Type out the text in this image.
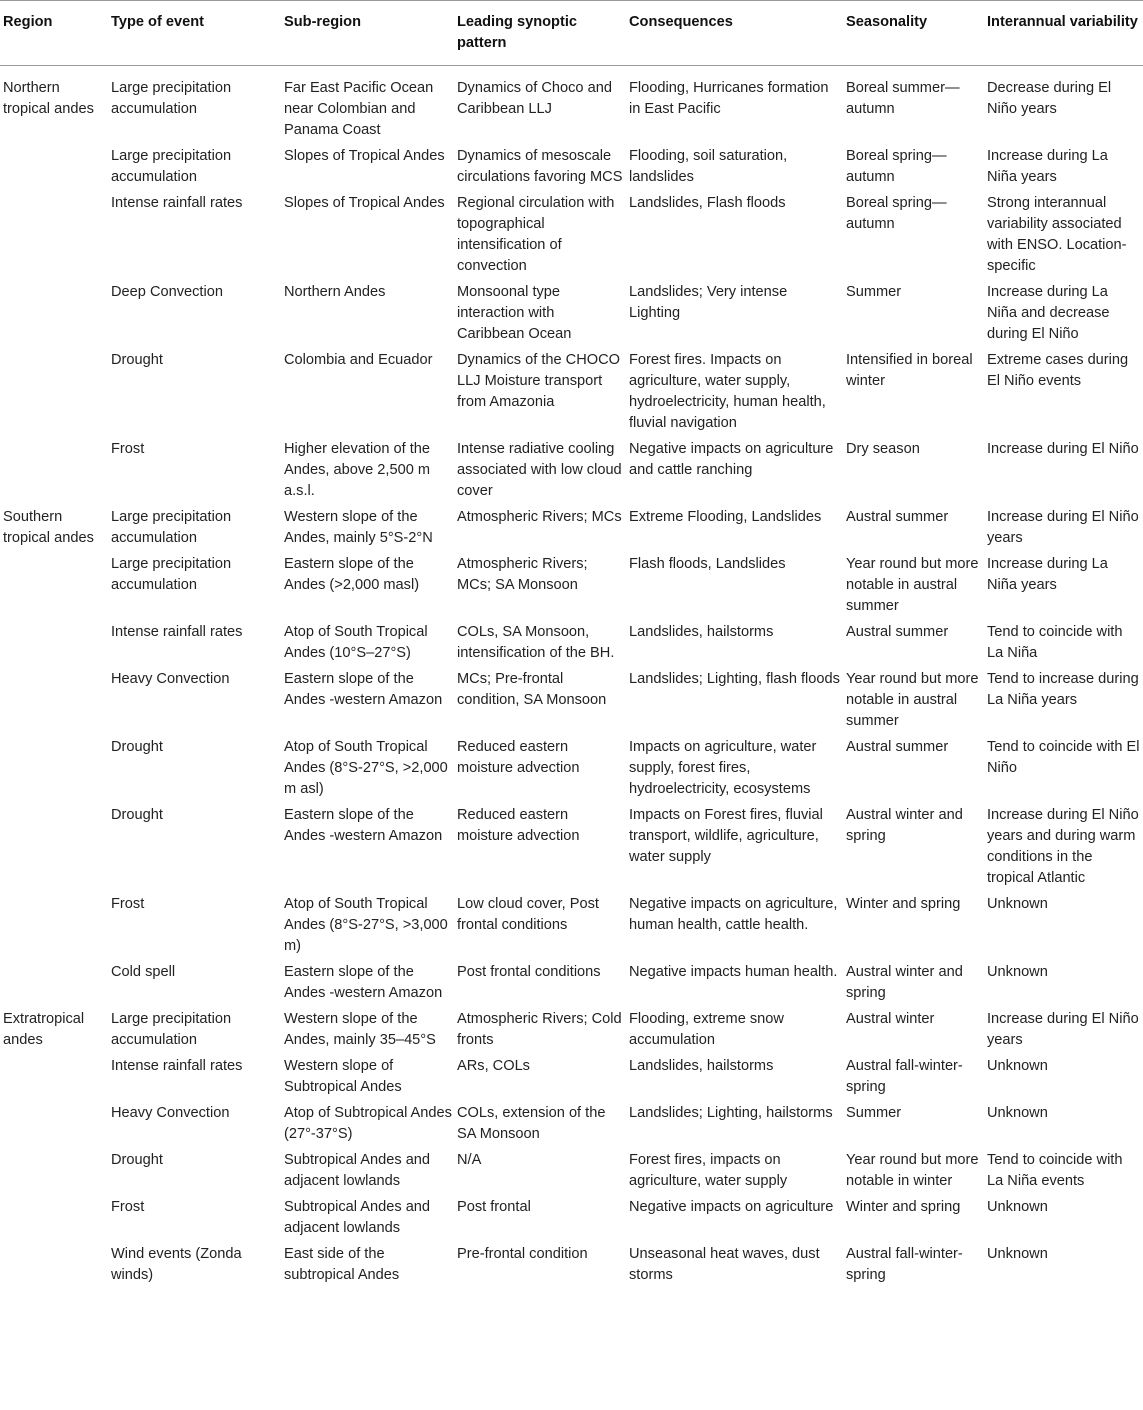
Region	Type of event	Sub-region	Leading synoptic pattern	Consequences	Seasonality	Interannual variability
Northern tropical andes	Large precipitation accumulation	Far East Pacific Ocean near Colombian and Panama Coast	Dynamics of Choco and Caribbean LLJ	Flooding, Hurricanes formation in East Pacific	Boreal summer—autumn	Decrease during El Niño years
	Large precipitation accumulation	Slopes of Tropical Andes	Dynamics of mesoscale circulations favoring MCS	Flooding, soil saturation, landslides	Boreal spring—autumn	Increase during La Niña years
	Intense rainfall rates	Slopes of Tropical Andes	Regional circulation with topographical intensification of convection	Landslides, Flash floods	Boreal spring—autumn	Strong interannual variability associated with ENSO. Location-specific
	Deep Convection	Northern Andes	Monsoonal type interaction with Caribbean Ocean	Landslides; Very intense Lighting	Summer	Increase during La Niña and decrease during El Niño
	Drought	Colombia and Ecuador	Dynamics of the CHOCO LLJ Moisture transport from Amazonia	Forest fires. Impacts on agriculture, water supply, hydroelectricity, human health, fluvial navigation	Intensified in boreal winter	Extreme cases during El Niño events
	Frost	Higher elevation of the Andes, above 2,500 m a.s.l.	Intense radiative cooling associated with low cloud cover	Negative impacts on agriculture and cattle ranching	Dry season	Increase during El Niño
Southern tropical andes	Large precipitation accumulation	Western slope of the Andes, mainly 5°S-2°N	Atmospheric Rivers; MCs	Extreme Flooding, Landslides	Austral summer	Increase during El Niño years
	Large precipitation accumulation	Eastern slope of the Andes (>2,000 masl)	Atmospheric Rivers; MCs; SA Monsoon	Flash floods, Landslides	Year round but more notable in austral summer	Increase during La Niña years
	Intense rainfall rates	Atop of South Tropical Andes (10°S–27°S)	COLs, SA Monsoon, intensification of the BH.	Landslides, hailstorms	Austral summer	Tend to coincide with La Niña
	Heavy Convection	Eastern slope of the Andes -western Amazon	MCs; Pre-frontal condition, SA Monsoon	Landslides; Lighting, flash floods	Year round but more notable in austral summer	Tend to increase during La Niña years
	Drought	Atop of South Tropical Andes (8°S-27°S, >2,000 m asl)	Reduced eastern moisture advection	Impacts on agriculture, water supply, forest fires, hydroelectricity, ecosystems	Austral summer	Tend to coincide with El Niño
	Drought	Eastern slope of the Andes -western Amazon	Reduced eastern moisture advection	Impacts on Forest fires, fluvial transport, wildlife, agriculture, water supply	Austral winter and spring	Increase during El Niño years and during warm conditions in the tropical Atlantic
	Frost	Atop of South Tropical Andes (8°S-27°S, >3,000 m)	Low cloud cover, Post frontal conditions	Negative impacts on agriculture, human health, cattle health.	Winter and spring	Unknown
	Cold spell	Eastern slope of the Andes -western Amazon	Post frontal conditions	Negative impacts human health.	Austral winter and spring	Unknown
Extratropical andes	Large precipitation accumulation	Western slope of the Andes, mainly 35–45°S	Atmospheric Rivers; Cold fronts	Flooding, extreme snow accumulation	Austral winter	Increase during El Niño years
	Intense rainfall rates	Western slope of Subtropical Andes	ARs, COLs	Landslides, hailstorms	Austral fall-winter-spring	Unknown
	Heavy Convection	Atop of Subtropical Andes (27°-37°S)	COLs, extension of the SA Monsoon	Landslides; Lighting, hailstorms	Summer	Unknown
	Drought	Subtropical Andes and adjacent lowlands	N/A	Forest fires, impacts on agriculture, water supply	Year round but more notable in winter	Tend to coincide with La Niña events
	Frost	Subtropical Andes and adjacent lowlands	Post frontal	Negative impacts on agriculture	Winter and spring	Unknown
	Wind events (Zonda winds)	East side of the subtropical Andes	Pre-frontal condition	Unseasonal heat waves, dust storms	Austral fall-winter-spring	Unknown
